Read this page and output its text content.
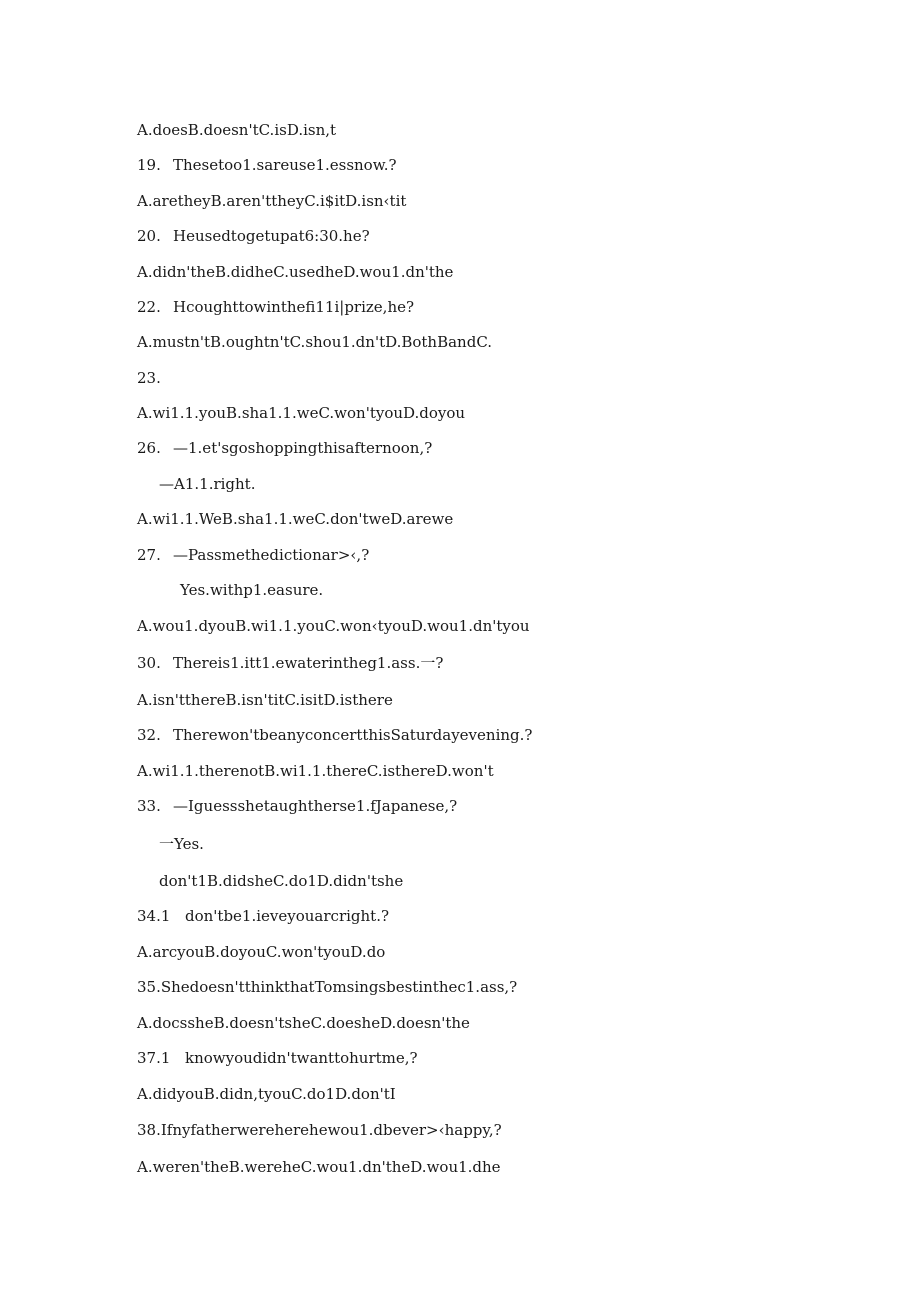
A.doesB.doesn'tC.isD.isn,t
19. Thesetoo1.sareuse1.essnow.?
A.aretheyB.aren'ttheyC.i$itD.isn‹tit
20. Heusedtogetupat6:30.he?
A.didn'theB.didheC.usedheD.wou1.dn'the
22. Hcoughttowinthefi11i|prize,he?
A.mustn'tB.oughtn'tC.shou1.dn'tD.BothBandC.
23.
A.wi1.1.youB.sha1.1.weC.won'tyouD.doyou
26. —1.et'sgoshoppingthisafternoon,?
—A1.1.right.
A.wi1.1.WeB.sha1.1.weC.don'tweD.arewe
27. —Passmethedictionar>‹,?
Yes.withp1.easure.
A.wou1.dyouB.wi1.1.youC.won‹tyouD.wou1.dn'tyou
30. Thereis1.itt1.ewaterintheg1.ass.一?
A.isn'tthereB.isn'titC.isitD.isthere
32. Therewon'tbeanyconcertthisSaturdayevening.?
A.wi1.1.therenotB.wi1.1.thereC.isthereD.won't
33. —Iguessshetaughtherse1.fJapanese,?
一Yes.
don't1B.didsheC.do1D.didn'tshe
34.1 don'tbe1.ieveyouarcright.?
A.arcyouB.doyouC.won'tyouD.do
35.Shedoesn'tthinkthatTomsingsbestinthec1.ass,?
A.docssheB.doesn'tsheC.doesheD.doesn'the
37.1 knowyoudidn'twanttohurtme,?
A.didyouB.didn,tyouC.do1D.don'tI
38.Ifnyfatherwereherehewou1.dbever>‹happy,?
A.weren'theB.wereheC.wou1.dn'theD.wou1.dhe
